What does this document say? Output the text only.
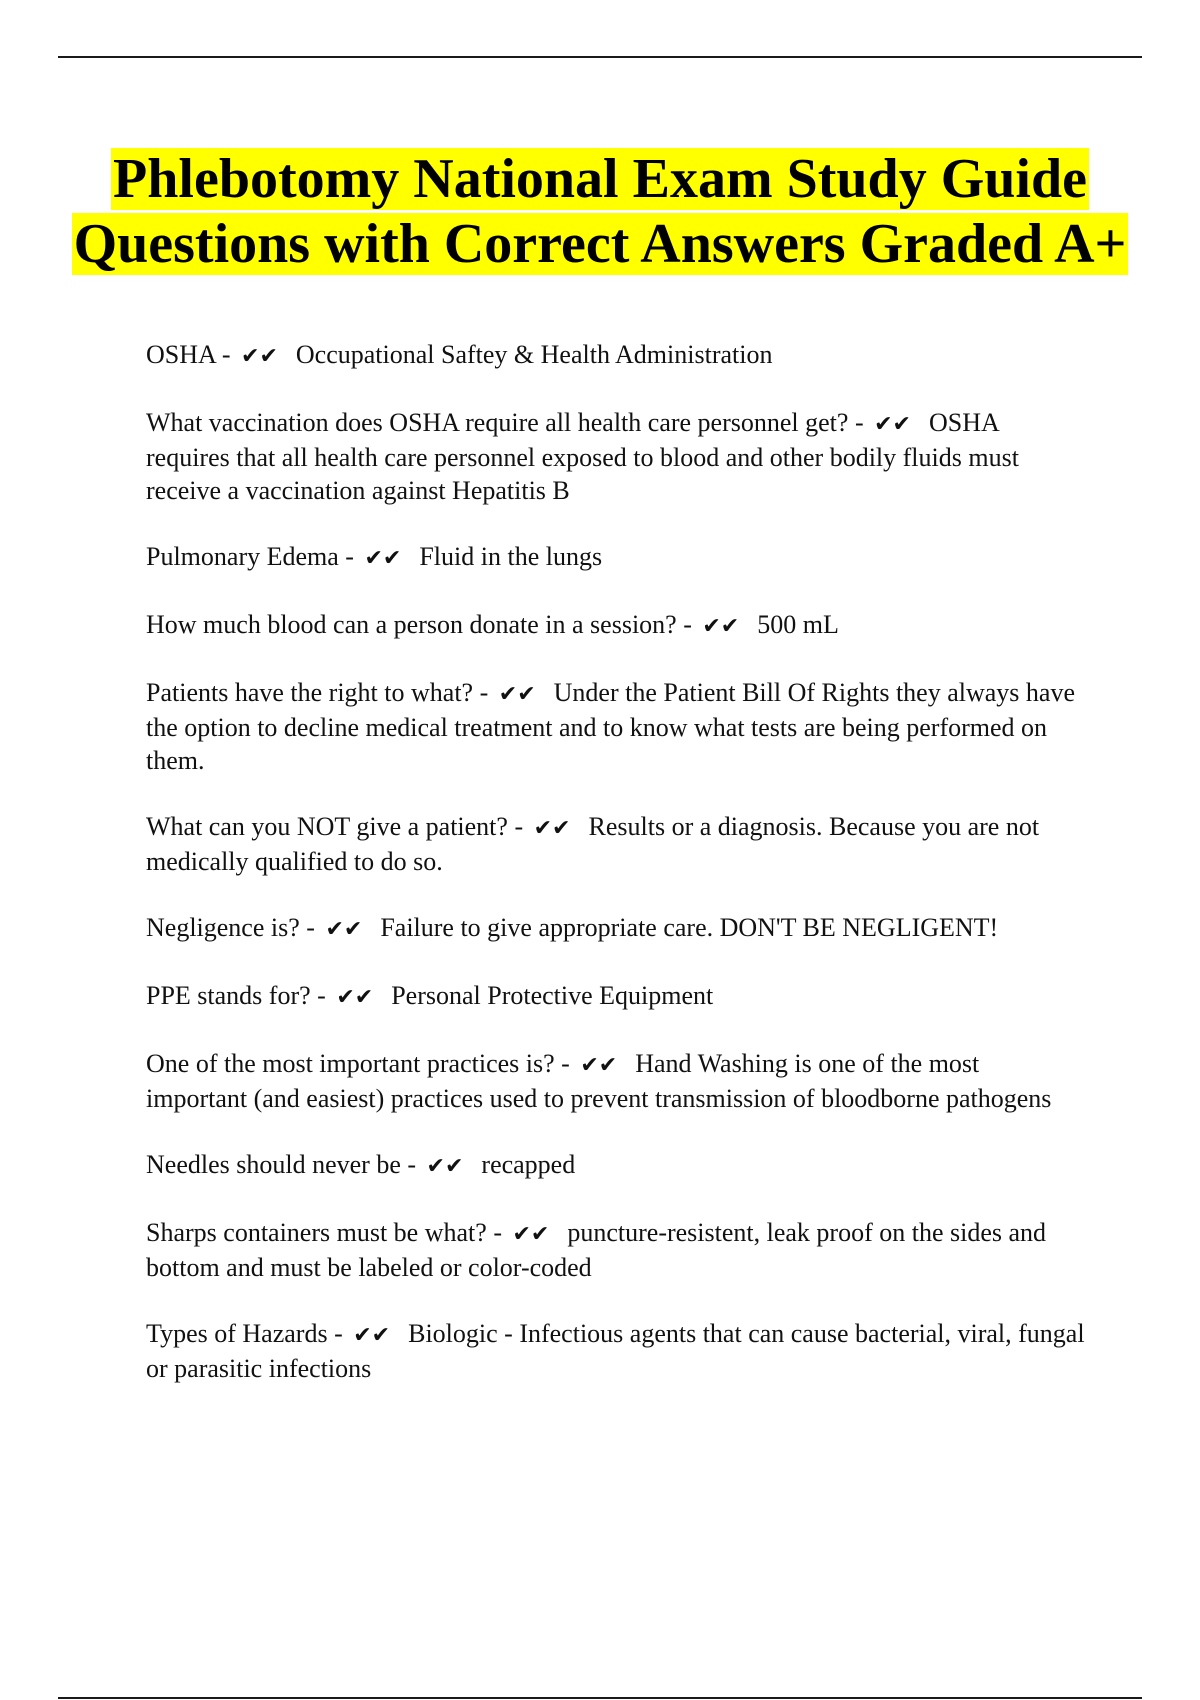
Phlebotomy National Exam Study Guide Questions with Correct Answers Graded A+

OSHA - ✔✔ Occupational Saftey & Health Administration

What vaccination does OSHA require all health care personnel get? - ✔✔ OSHA requires that all health care personnel exposed to blood and other bodily fluids must receive a vaccination against Hepatitis B

Pulmonary Edema - ✔✔ Fluid in the lungs

How much blood can a person donate in a session? - ✔✔ 500 mL

Patients have the right to what? - ✔✔ Under the Patient Bill Of Rights they always have the option to decline medical treatment and to know what tests are being performed on them.

What can you NOT give a patient? - ✔✔ Results or a diagnosis. Because you are not medically qualified to do so.

Negligence is? - ✔✔ Failure to give appropriate care. DON'T BE NEGLIGENT!

PPE stands for? - ✔✔ Personal Protective Equipment

One of the most important practices is? - ✔✔ Hand Washing is one of the most important (and easiest) practices used to prevent transmission of bloodborne pathogens

Needles should never be - ✔✔ recapped

Sharps containers must be what? - ✔✔ puncture-resistent, leak proof on the sides and bottom and must be labeled or color-coded

Types of Hazards - ✔✔ Biologic - Infectious agents that can cause bacterial, viral, fungal or parasitic infections
